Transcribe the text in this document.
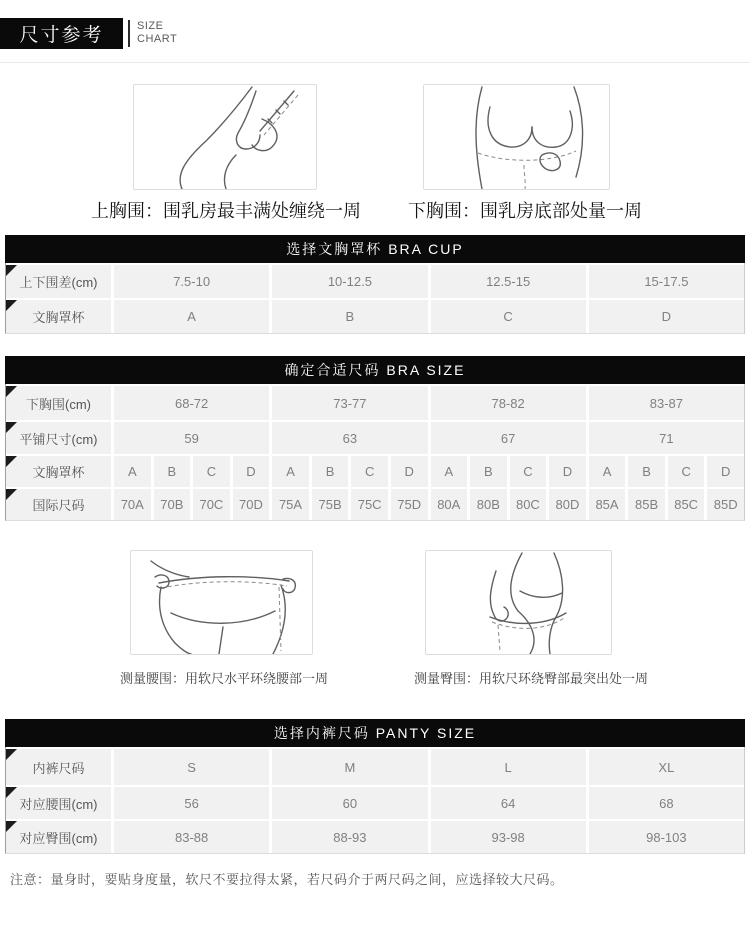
尺寸参考	SIZE
CHART
上胸围：围乳房最丰满处缠绕一周	下胸围：围乳房底部处量一周
选择文胸罩杯 BRA CUP
上下围差(cm)	7.5-10	10-12.5	12.5-15	15-17.5
文胸罩杯	A	B	C	D
确定合适尺码 BRA SIZE
下胸围(cm)	68-72	73-77	78-82	83-87
平铺尺寸(cm)	59	63	67	71
文胸罩杯	A	B	C	D	A	B	C	D	A	B	C	D	A	B	C	D
国际尺码	70A	70B	70C	70D	75A	75B	75C	75D	80A	80B	80C	80D	85A	85B	85C	85D
测量腰围：用软尺水平环绕腰部一周	测量臀围：用软尺环绕臀部最突出处一周
选择内裤尺码 PANTY SIZE
内裤尺码	S	M	L	XL
对应腰围(cm)	56	60	64	68
对应臀围(cm)	83-88	88-93	93-98	98-103
注意：量身时，要贴身度量，软尺不要拉得太紧，若尺码介于两尺码之间，应选择较大尺码。
